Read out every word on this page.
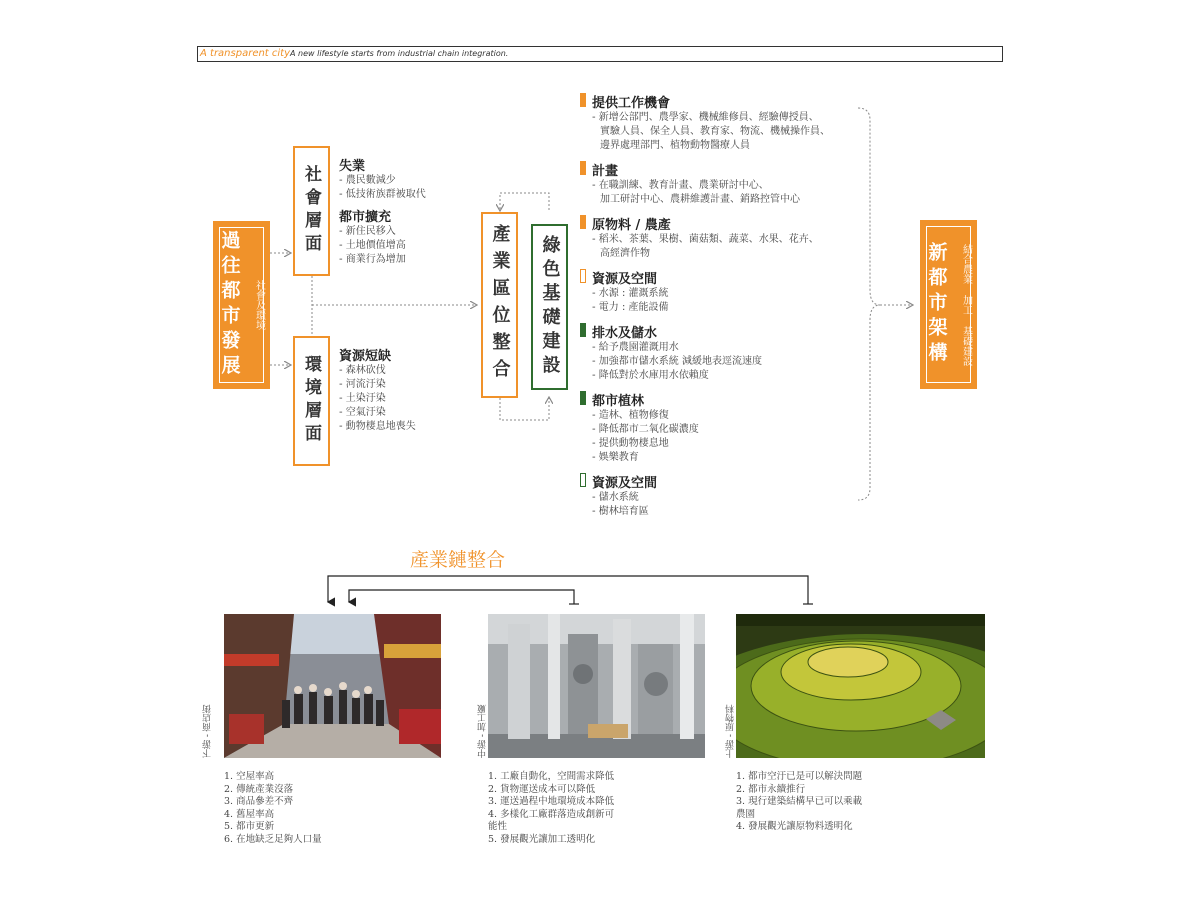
A transparent cityA new lifestyle starts from industrial chain integration.
過往都市發展	社會及環境
社會層面
環境層面
失業
- 農民數減少
- 低技術族群被取代
都市擴充
- 新住民移入
- 土地價值增高
- 商業行為增加
資源短缺
- 森林砍伐
- 河流汙染
- 土染汙染
- 空氣汙染
- 動物棲息地喪失
產業區位整合 綠色基礎建設
提供工作機會
- 新增公部門、農學家、機械維修員、經驗傳授員、
實驗人員、保全人員、教育家、物流、機械操作員、
邊界處理部門、植物動物醫療人員
計畫
- 在職訓練、教育計畫、農業研討中心、
加工研討中心、農耕維護計畫、銷路控管中心
原物料 / 農產
- 稻米、茶葉、果樹、菌菇類、蔬菜、水果、花卉、
高經濟作物
資源及空間
- 水源 : 灌溉系統
- 電力 : 產能設備
排水及儲水
- 給予農園灌溉用水
- 加強都市儲水系統 減緩地表逕流速度
- 降低對於水庫用水依賴度
都市植林
- 造林、植物修復
- 降低都市二氧化碳濃度
- 提供動物棲息地
- 娛樂教育
資源及空間
- 儲水系統
- 樹林培育區
新都市架構	結合農業 加工 基礎建設
產業鏈整合
下游 - 商店街
1. 空屋率高
2. 傳統產業沒落
3. 商品參差不齊
4. 舊屋率高
5. 都市更新
6. 在地缺乏足夠人口量
中游 - 加工廠
1. 工廠自動化，空間需求降低
2. 貨物運送成本可以降低
3. 運送過程中地環境成本降低
4. 多樣化工廠群落造成創新可
能性
5. 發展觀光讓加工透明化
上游 - 原物料
1. 都市空汙已是可以解決問題
2. 都市永續推行
3. 現行建築結構早已可以乘載
農園
4. 發展觀光讓原物料透明化
